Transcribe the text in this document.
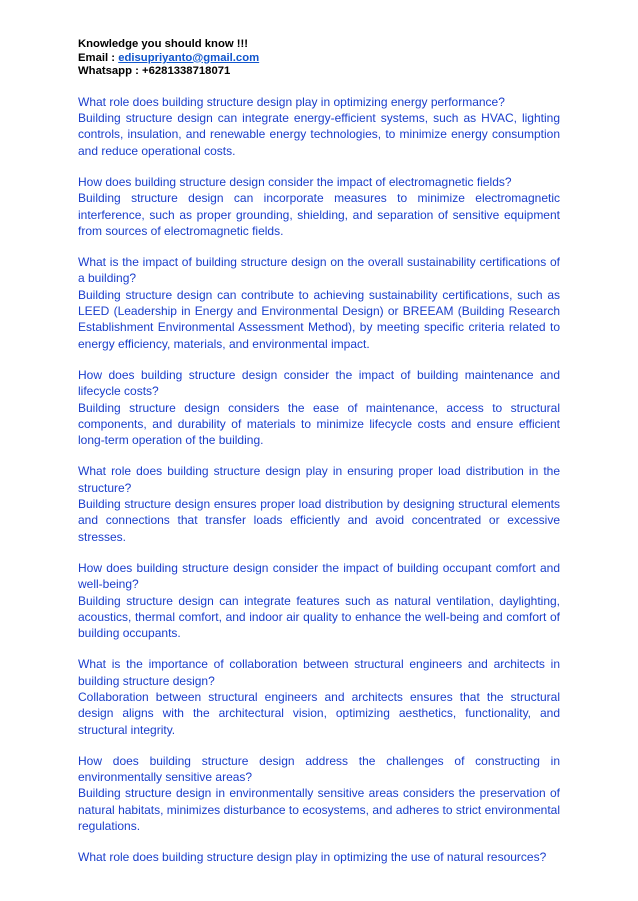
Knowledge you should know !!!
Email : edisupriyanto@gmail.com
Whatsapp : +6281338718071

What role does building structure design play in optimizing energy performance?

Building structure design can integrate energy-efficient systems, such as HVAC, lighting controls, insulation, and renewable energy technologies, to minimize energy consumption and reduce operational costs.

How does building structure design consider the impact of electromagnetic fields?

Building structure design can incorporate measures to minimize electromagnetic interference, such as proper grounding, shielding, and separation of sensitive equipment from sources of electromagnetic fields.

What is the impact of building structure design on the overall sustainability certifications of a building?

Building structure design can contribute to achieving sustainability certifications, such as LEED (Leadership in Energy and Environmental Design) or BREEAM (Building Research Establishment Environmental Assessment Method), by meeting specific criteria related to energy efficiency, materials, and environmental impact.

How does building structure design consider the impact of building maintenance and lifecycle costs?

Building structure design considers the ease of maintenance, access to structural components, and durability of materials to minimize lifecycle costs and ensure efficient long-term operation of the building.

What role does building structure design play in ensuring proper load distribution in the structure?

Building structure design ensures proper load distribution by designing structural elements and connections that transfer loads efficiently and avoid concentrated or excessive stresses.

How does building structure design consider the impact of building occupant comfort and well-being?

Building structure design can integrate features such as natural ventilation, daylighting, acoustics, thermal comfort, and indoor air quality to enhance the well-being and comfort of building occupants.

What is the importance of collaboration between structural engineers and architects in building structure design?

Collaboration between structural engineers and architects ensures that the structural design aligns with the architectural vision, optimizing aesthetics, functionality, and structural integrity.

How does building structure design address the challenges of constructing in environmentally sensitive areas?

Building structure design in environmentally sensitive areas considers the preservation of natural habitats, minimizes disturbance to ecosystems, and adheres to strict environmental regulations.

What role does building structure design play in optimizing the use of natural resources?
